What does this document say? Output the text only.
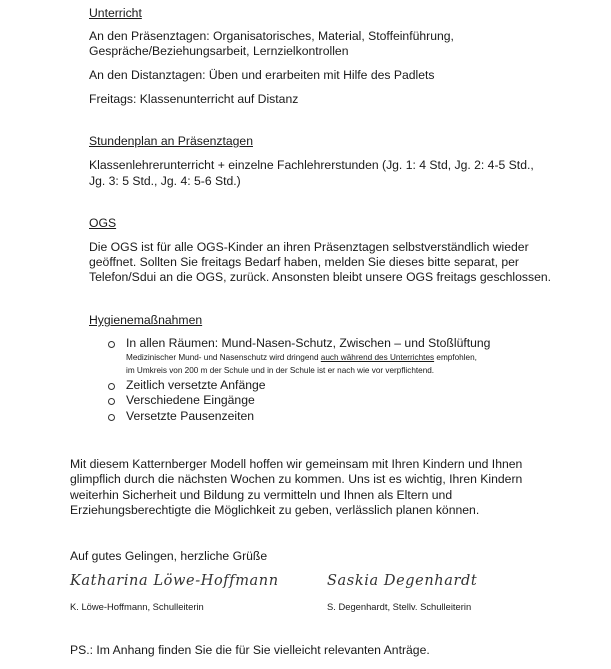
Unterricht
An den Präsenztagen: Organisatorisches, Material, Stoffeinführung,
Gespräche/Beziehungsarbeit, Lernzielkontrollen
An den Distanztagen: Üben und erarbeiten mit Hilfe des Padlets
Freitags: Klassenunterricht auf Distanz
Stundenplan an Präsenztagen
Klassenlehrerunterricht + einzelne Fachlehrerstunden (Jg. 1: 4 Std, Jg. 2: 4-5 Std.,
Jg. 3: 5 Std., Jg. 4: 5-6 Std.)
OGS
Die OGS ist für alle OGS-Kinder an ihren Präsenztagen selbstverständlich wieder
geöffnet. Sollten Sie freitags Bedarf haben, melden Sie dieses bitte separat, per
Telefon/Sdui an die OGS, zurück. Ansonsten bleibt unsere OGS freitags geschlossen.
Hygienemaßnahmen
In allen Räumen: Mund-Nasen-Schutz, Zwischen – und Stoßlüftung
Medizinischer Mund- und Nasenschutz wird dringend auch während des Unterrichtes empfohlen,
im Umkreis von 200 m der Schule und in der Schule ist er nach wie vor verpflichtend.
Zeitlich versetzte Anfänge
Verschiedene Eingänge
Versetzte Pausenzeiten
Mit diesem Katternberger Modell hoffen wir gemeinsam mit Ihren Kindern und Ihnen
glimpflich durch die nächsten Wochen zu kommen. Uns ist es wichtig, Ihren Kindern
weiterhin Sicherheit und Bildung zu vermitteln und Ihnen als Eltern und
Erziehungsberechtigte die Möglichkeit zu geben, verlässlich planen können.
Auf gutes Gelingen, herzliche Grüße
Katharina Löwe-Hoffmann	Saskia Degenhardt
K. Löwe-Hoffmann, Schulleiterin	S. Degenhardt, Stellv. Schulleiterin
PS.: Im Anhang finden Sie die für Sie vielleicht relevanten Anträge.
